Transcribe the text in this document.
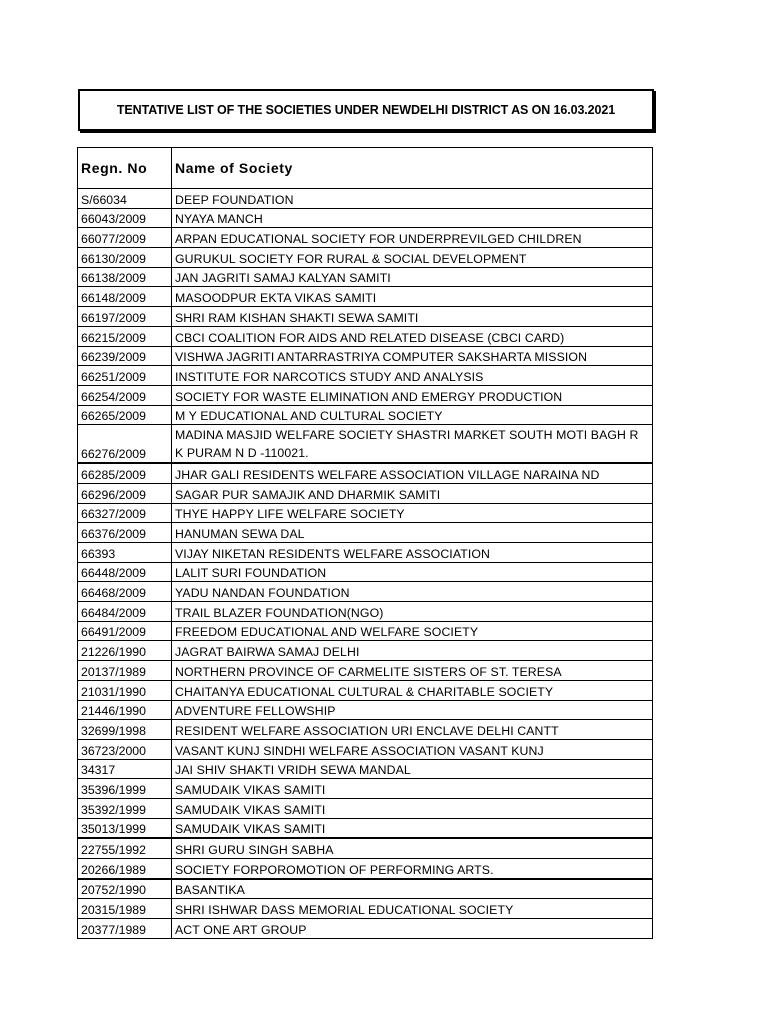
TENTATIVE LIST OF THE SOCIETIES UNDER NEWDELHI DISTRICT AS ON 16.03.2021
Regn. No	Name of Society
S/66034	DEEP FOUNDATION
66043/2009	NYAYA MANCH
66077/2009	ARPAN EDUCATIONAL SOCIETY FOR UNDERPREVILGED CHILDREN
66130/2009	GURUKUL SOCIETY FOR RURAL & SOCIAL DEVELOPMENT
66138/2009	JAN JAGRITI SAMAJ KALYAN SAMITI
66148/2009	MASOODPUR EKTA VIKAS SAMITI
66197/2009	SHRI RAM KISHAN SHAKTI SEWA SAMITI
66215/2009	CBCI COALITION FOR AIDS AND RELATED DISEASE (CBCI CARD)
66239/2009	VISHWA JAGRITI ANTARRASTRIYA COMPUTER SAKSHARTA MISSION
66251/2009	INSTITUTE FOR NARCOTICS STUDY AND ANALYSIS
66254/2009	SOCIETY FOR WASTE ELIMINATION AND EMERGY PRODUCTION
66265/2009	M Y EDUCATIONAL AND CULTURAL SOCIETY
66276/2009	MADINA MASJID WELFARE SOCIETY SHASTRI MARKET SOUTH MOTI BAGH R K PURAM N D -110021.
66285/2009	JHAR GALI RESIDENTS WELFARE ASSOCIATION VILLAGE NARAINA ND
66296/2009	SAGAR PUR SAMAJIK AND DHARMIK SAMITI
66327/2009	THYE HAPPY LIFE WELFARE SOCIETY
66376/2009	HANUMAN SEWA DAL
66393	VIJAY NIKETAN RESIDENTS WELFARE ASSOCIATION
66448/2009	LALIT SURI FOUNDATION
66468/2009	YADU NANDAN FOUNDATION
66484/2009	TRAIL BLAZER FOUNDATION(NGO)
66491/2009	FREEDOM EDUCATIONAL AND WELFARE SOCIETY
21226/1990	JAGRAT BAIRWA SAMAJ DELHI
20137/1989	NORTHERN PROVINCE OF CARMELITE SISTERS OF ST. TERESA
21031/1990	CHAITANYA EDUCATIONAL CULTURAL & CHARITABLE SOCIETY
21446/1990	ADVENTURE FELLOWSHIP
32699/1998	RESIDENT WELFARE ASSOCIATION URI ENCLAVE DELHI CANTT
36723/2000	VASANT KUNJ SINDHI WELFARE ASSOCIATION VASANT KUNJ
34317	JAI SHIV SHAKTI VRIDH SEWA MANDAL
35396/1999	SAMUDAIK VIKAS SAMITI
35392/1999	SAMUDAIK VIKAS SAMITI
35013/1999	SAMUDAIK VIKAS SAMITI
22755/1992	SHRI GURU SINGH SABHA
20266/1989	SOCIETY FORPOROMOTION OF PERFORMING ARTS.
20752/1990	BASANTIKA
20315/1989	SHRI ISHWAR DASS MEMORIAL EDUCATIONAL SOCIETY
20377/1989	ACT ONE ART GROUP
